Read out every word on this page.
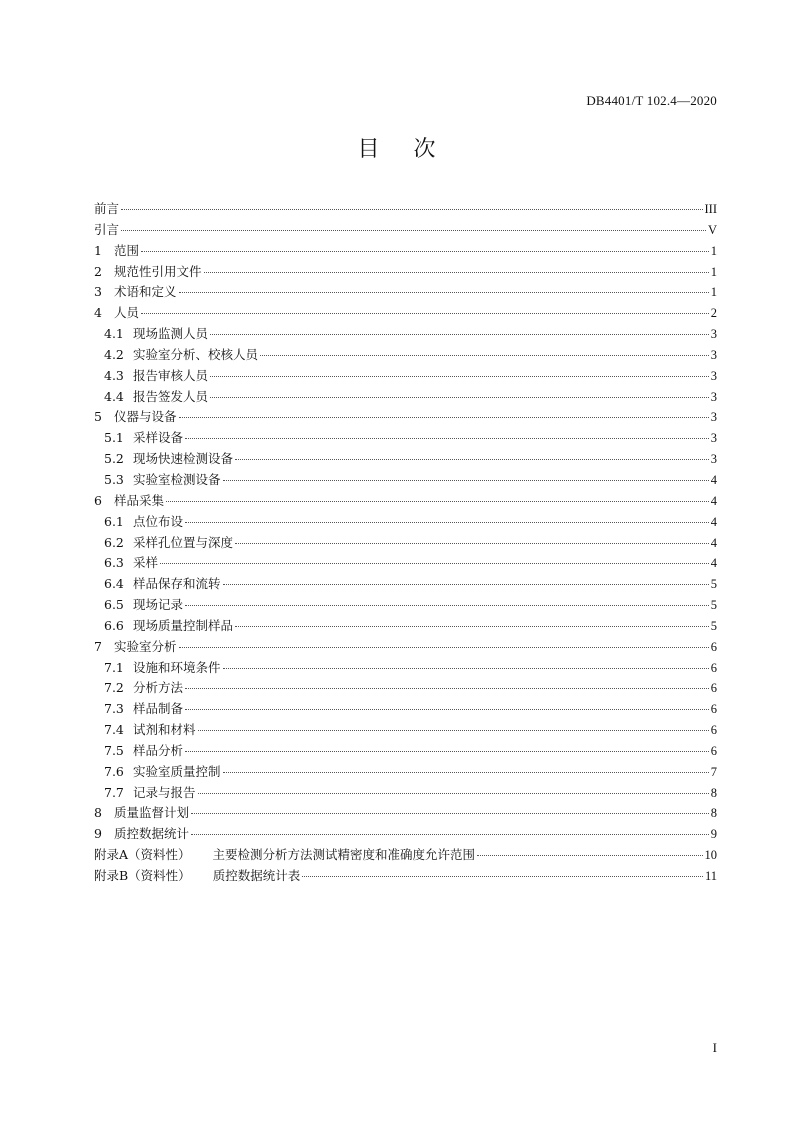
DB4401/T 102.4—2020
目次
前言	III
引言	V
1 范围	1
2 规范性引用文件	1
3 术语和定义	1
4 人员	2
4.1 现场监测人员	3
4.2 实验室分析、校核人员	3
4.3 报告审核人员	3
4.4 报告签发人员	3
5 仪器与设备	3
5.1 采样设备	3
5.2 现场快速检测设备	3
5.3 实验室检测设备	4
6 样品采集	4
6.1 点位布设	4
6.2 采样孔位置与深度	4
6.3 采样	4
6.4 样品保存和流转	5
6.5 现场记录	5
6.6 现场质量控制样品	5
7 实验室分析	6
7.1 设施和环境条件	6
7.2 分析方法	6
7.3 样品制备	6
7.4 试剂和材料	6
7.5 样品分析	6
7.6 实验室质量控制	7
7.7 记录与报告	8
8 质量监督计划	8
9 质控数据统计	9
附录A（资料性） 主要检测分析方法测试精密度和准确度允许范围	10
附录B（资料性） 质控数据统计表	11
I
